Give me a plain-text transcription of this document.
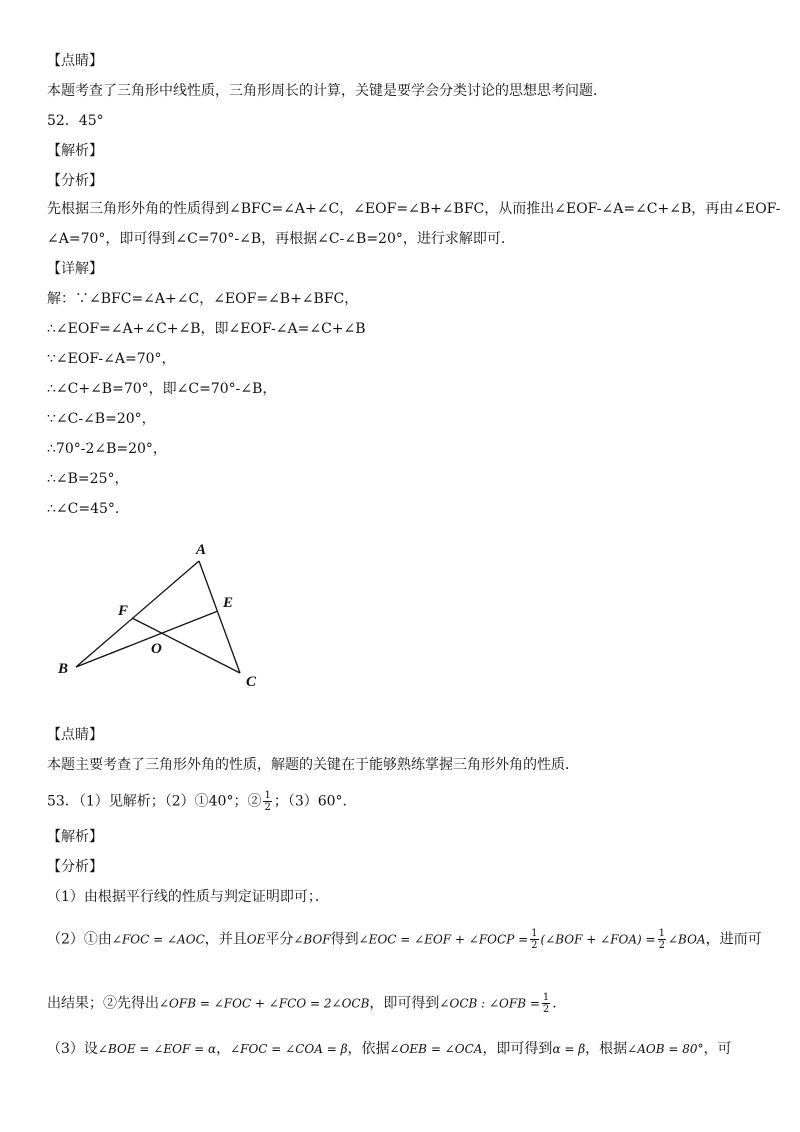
【点睛】
本题考查了三角形中线性质，三角形周长的计算，关键是要学会分类讨论的思想思考问题．
52．45°
【解析】
【分析】
先根据三角形外角的性质得到∠BFC=∠A+∠C，∠EOF=∠B+∠BFC，从而推出∠EOF-∠A=∠C+∠B，再由∠EOF-
∠A=70°，即可得到∠C=70°-∠B，再根据∠C-∠B=20°，进行求解即可．
【详解】
解：∵∠BFC=∠A+∠C，∠EOF=∠B+∠BFC，
∴∠EOF=∠A+∠C+∠B，即∠EOF-∠A=∠C+∠B
∵∠EOF-∠A=70°，
∴∠C+∠B=70°，即∠C=70°-∠B，
∵∠C-∠B=20°，
∴70°-2∠B=20°，
∴∠B=25°，
∴∠C=45°．
【点睛】
本题主要考查了三角形外角的性质，解题的关键在于能够熟练掌握三角形外角的性质．
【解析】
【分析】
（1）由根据平行线的性质与判定证明即可；．
53．（1）见解析；（2）①40°；② $\frac{1}{2}$ ；（3）60°．
（2）①由∠FOC = ∠AOC，并且OE平分∠BOF得到∠EOC = ∠EOF + ∠FOCP = $\frac{1}{2}$ (∠BOF + ∠FOA) = $\frac{1}{2}$ ∠BOA，进而可
出结果；②先得出∠OFB = ∠FOC + ∠FCO = 2∠OCB，即可得到∠OCB : ∠OFB = $\frac{1}{2}$ ．
（3）设∠BOE = ∠EOF = α，∠FOC = ∠COA = β，依据∠OEB = ∠OCA，即可得到α = β，根据∠AOB = 80°，可
A
B
C
E
F
O
